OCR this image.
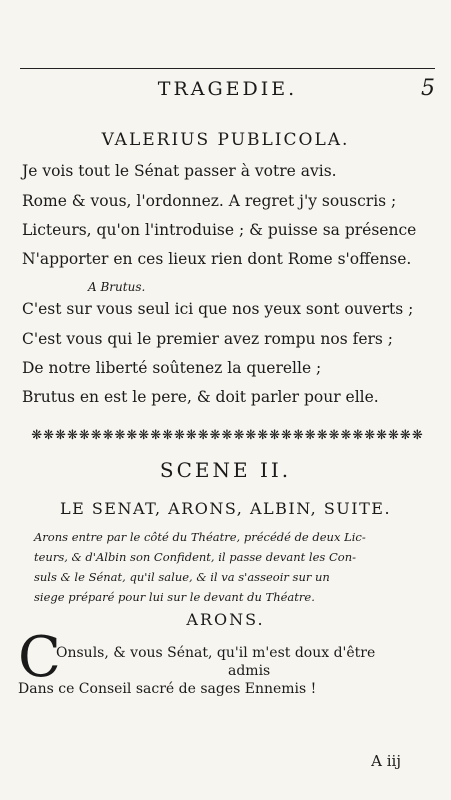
TRAGEDIE.	5
VALERIUS PUBLICOLA.
Je vois tout le Sénat passer à votre avis.
Rome & vous, l'ordonnez. A regret j'y souscris ;
Licteurs, qu'on l'introduise ; & puisse sa présence
N'apporter en ces lieux rien dont Rome s'offense.
A Brutus.
C'est sur vous seul ici que nos yeux sont ouverts ;
C'est vous qui le premier avez rompu nos fers ;
De notre liberté soûtenez la querelle ;
Brutus en est le pere, & doit parler pour elle.
❋❋❋❋❋❋❋❋❋❋❋❋❋❋❋❋❋❋❋❋❋❋❋❋❋❋❋❋❋❋❋❋❋
SCENE II.
LE SENAT, ARONS, ALBIN, SUITE.
Arons entre par le côté du Théatre, précédé de deux Lic-
teurs, & d'Albin son Confident, il passe devant les Con-
suls & le Sénat, qu'il salue, & il va s'asseoir sur un
siege préparé pour lui sur le devant du Théatre.
ARONS.
C
Onsuls, & vous Sénat, qu'il m'est doux d'être
admis
Dans ce Conseil sacré de sages Ennemis !
A iij
